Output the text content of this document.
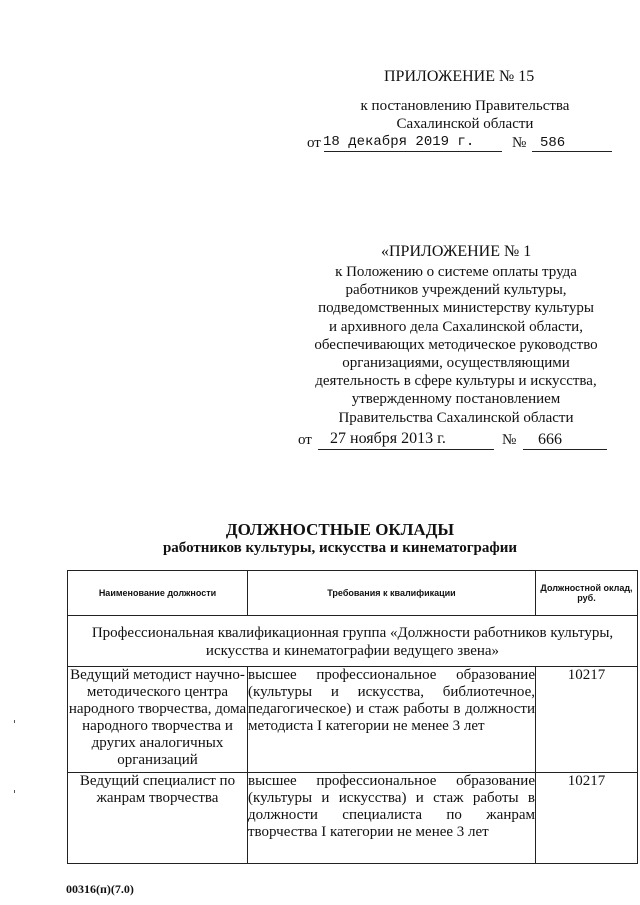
ПРИЛОЖЕНИЕ № 15
к постановлению Правительства
Сахалинской области
от 18 декабря 2019 г.	№ 586
«ПРИЛОЖЕНИЕ № 1
к Положению о системе оплаты труда
работников учреждений культуры,
подведомственных министерству культуры
и архивного дела Сахалинской области,
обеспечивающих методическое руководство
организациями, осуществляющими
деятельность в сфере культуры и искусства,
утвержденному постановлением
Правительства Сахалинской области
от 27 ноября 2013 г.	№ 666
ДОЛЖНОСТНЫЕ ОКЛАДЫ
работников культуры, искусства и кинематографии
Наименование должности	Требования к квалификации	Должностной оклад, руб.
Профессиональная квалификационная группа «Должности работников культуры, искусства и кинематографии ведущего звена»		
Ведущий методист научно-методического центра народного творчества, дома народного творчества и других аналогичных организаций	высшее профессиональное образование (культуры и искусства, библиотечное, педагогическое) и стаж работы в должности методиста I категории не менее 3 лет	10217
Ведущий специалист по жанрам творчества	высшее профессиональное образование (культуры и искусства) и стаж работы в должности специалиста по жанрам творчества I категории не менее 3 лет	10217
00316(п)(7.0)
